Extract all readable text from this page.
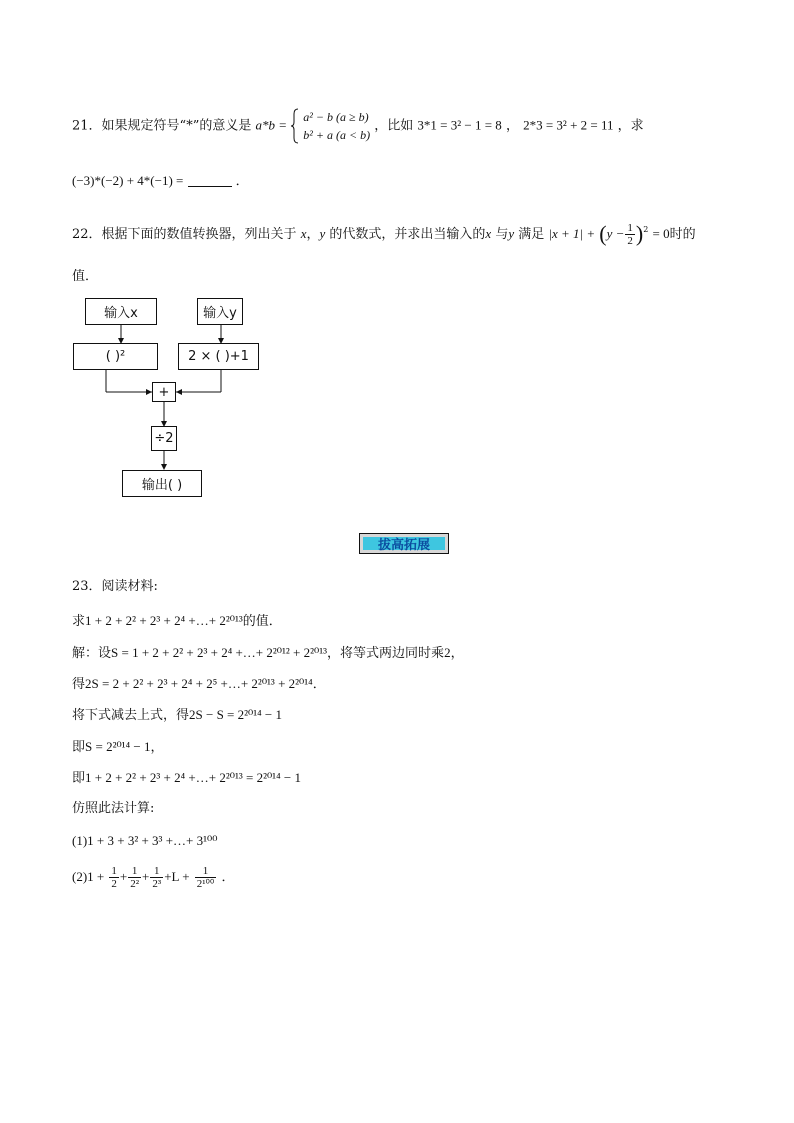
21．如果规定符号“*”的意义是 a*b =
a² − b (a ≥ b)
b² + a (a < b)
，比如 3*1 = 3² − 1 = 8 ， 2*3 = 3² + 2 = 11 ，求
(−3)*(−2) + 4*(−1) =	．
22．根据下面的数值转换器，列出关于 x，y 的代数式，并求出当输入的x 与y 满足 $|x + 1| + (y - \frac{1}{2} )^2 = 0$时的
值．
输入x	输入y
( )²	2 × ( )+1
+
÷2
输出( )
拔高拓展
23．阅读材料:
求1 + 2 + 2² + 2³ + 2⁴ +…+ 2²⁰¹³的值．
解：设S = 1 + 2 + 2² + 2³ + 2⁴ +…+ 2²⁰¹² + 2²⁰¹³，将等式两边同时乘2，
得2S = 2 + 2² + 2³ + 2⁴ + 2⁵ +…+ 2²⁰¹³ + 2²⁰¹⁴．
将下式减去上式，得2S − S = 2²⁰¹⁴ − 1
即S = 2²⁰¹⁴ − 1，
即1 + 2 + 2² + 2³ + 2⁴ +…+ 2²⁰¹³ = 2²⁰¹⁴ − 1
仿照此法计算:
(1)1 + 3 + 3² + 3³ +…+ 3¹⁰⁰
$(2)1 + \frac{1}{2} + \frac{1}{\text{2²}} + \frac{1}{\text{2³}} +L + \frac{1}{\text{2¹⁰⁰}}$ ．
